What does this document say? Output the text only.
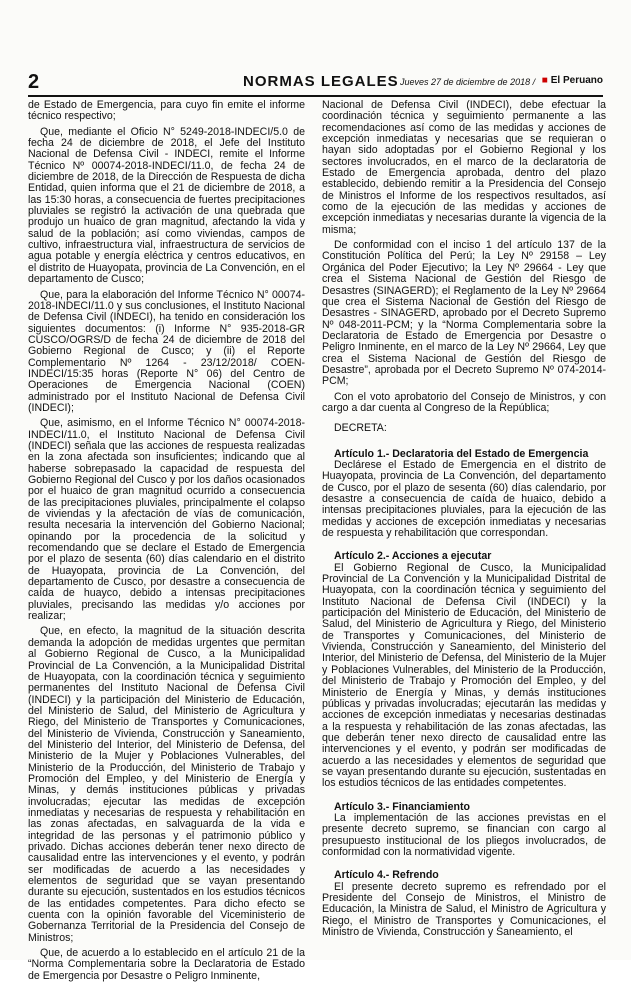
2	NORMAS LEGALES Jueves 27 de diciembre de 2018 / ■ El Peruano

de Estado de Emergencia, para cuyo fin emite el informe técnico respectivo;

Que, mediante el Oficio N° 5249-2018-INDECI/5.0 de fecha 24 de diciembre de 2018, el Jefe del Instituto Nacional de Defensa Civil - INDECI, remite el Informe Técnico Nº 00074-2018-INDECI/11.0, de fecha 24 de diciembre de 2018, de la Dirección de Respuesta de dicha Entidad, quien informa que el 21 de diciembre de 2018, a las 15:30 horas, a consecuencia de fuertes precipitaciones pluviales se registró la activación de una quebrada que produjo un huaico de gran magnitud, afectando la vida y salud de la población; así como viviendas, campos de cultivo, infraestructura vial, infraestructura de servicios de agua potable y energía eléctrica y centros educativos, en el distrito de Huayopata, provincia de La Convención, en el departamento de Cusco;

Que, para la elaboración del Informe Técnico N° 00074-2018-INDECI/11.0 y sus conclusiones, el Instituto Nacional de Defensa Civil (INDECI), ha tenido en consideración los siguientes documentos: (i) Informe N° 935-2018-GR CUSCO/OGRS/D de fecha 24 de diciembre de 2018 del Gobierno Regional de Cusco; y (ii) el Reporte Complementario Nº 1264 - 23/12/2018/ COEN-INDECI/15:35 horas (Reporte N° 06) del Centro de Operaciones de Emergencia Nacional (COEN) administrado por el Instituto Nacional de Defensa Civil (INDECI);

Que, asimismo, en el Informe Técnico N° 00074-2018-INDECI/11.0, el Instituto Nacional de Defensa Civil (INDECI) señala que las acciones de respuesta realizadas en la zona afectada son insuficientes; indicando que al haberse sobrepasado la capacidad de respuesta del Gobierno Regional del Cusco y por los daños ocasionados por el huaico de gran magnitud ocurrido a consecuencia de las precipitaciones pluviales, principalmente el colapso de viviendas y la afectación de vías de comunicación, resulta necesaria la intervención del Gobierno Nacional; opinando por la procedencia de la solicitud y recomendando que se declare el Estado de Emergencia por el plazo de sesenta (60) días calendario en el distrito de Huayopata, provincia de La Convención, del departamento de Cusco, por desastre a consecuencia de caída de huayco, debido a intensas precipitaciones pluviales, precisando las medidas y/o acciones por realizar;

Que, en efecto, la magnitud de la situación descrita demanda la adopción de medidas urgentes que permitan al Gobierno Regional de Cusco, a la Municipalidad Provincial de La Convención, a la Municipalidad Distrital de Huayopata, con la coordinación técnica y seguimiento permanentes del Instituto Nacional de Defensa Civil (INDECI) y la participación del Ministerio de Educación, del Ministerio de Salud, del Ministerio de Agricultura y Riego, del Ministerio de Transportes y Comunicaciones, del Ministerio de Vivienda, Construcción y Saneamiento, del Ministerio del Interior, del Ministerio de Defensa, del Ministerio de la Mujer y Poblaciones Vulnerables, del Ministerio de la Producción, del Ministerio de Trabajo y Promoción del Empleo, y del Ministerio de Energía y Minas, y demás instituciones públicas y privadas involucradas; ejecutar las medidas de excepción inmediatas y necesarias de respuesta y rehabilitación en las zonas afectadas, en salvaguarda de la vida e integridad de las personas y el patrimonio público y privado. Dichas acciones deberán tener nexo directo de causalidad entre las intervenciones y el evento, y podrán ser modificadas de acuerdo a las necesidades y elementos de seguridad que se vayan presentando durante su ejecución, sustentados en los estudios técnicos de las entidades competentes. Para dicho efecto se cuenta con la opinión favorable del Viceministerio de Gobernanza Territorial de la Presidencia del Consejo de Ministros;

Que, de acuerdo a lo establecido en el artículo 21 de la “Norma Complementaria sobre la Declaratoria de Estado de Emergencia por Desastre o Peligro Inminente,

Nacional de Defensa Civil (INDECI), debe efectuar la coordinación técnica y seguimiento permanente a las recomendaciones así como de las medidas y acciones de excepción inmediatas y necesarias que se requieran o hayan sido adoptadas por el Gobierno Regional y los sectores involucrados, en el marco de la declaratoria de Estado de Emergencia aprobada, dentro del plazo establecido, debiendo remitir a la Presidencia del Consejo de Ministros el Informe de los respectivos resultados, así como de la ejecución de las medidas y acciones de excepción inmediatas y necesarias durante la vigencia de la misma;

De conformidad con el inciso 1 del artículo 137 de la Constitución Política del Perú; la Ley Nº 29158 – Ley Orgánica del Poder Ejecutivo; la Ley Nº 29664 - Ley que crea el Sistema Nacional de Gestión del Riesgo de Desastres (SINAGERD); el Reglamento de la Ley Nº 29664 que crea el Sistema Nacional de Gestión del Riesgo de Desastres - SINAGERD, aprobado por el Decreto Supremo Nº 048-2011-PCM; y la “Norma Complementaria sobre la Declaratoria de Estado de Emergencia por Desastre o Peligro Inminente, en el marco de la Ley Nº 29664, Ley que crea el Sistema Nacional de Gestión del Riesgo de Desastre”, aprobada por el Decreto Supremo Nº 074-2014-PCM;

Con el voto aprobatorio del Consejo de Ministros, y con cargo a dar cuenta al Congreso de la República;

DECRETA:

Artículo 1.- Declaratoria del Estado de Emergencia

Declárese el Estado de Emergencia en el distrito de Huayopata, provincia de La Convención, del departamento de Cusco, por el plazo de sesenta (60) días calendario, por desastre a consecuencia de caída de huaico, debido a intensas precipitaciones pluviales, para la ejecución de las medidas y acciones de excepción inmediatas y necesarias de respuesta y rehabilitación que correspondan.

Artículo 2.- Acciones a ejecutar

El Gobierno Regional de Cusco, la Municipalidad Provincial de La Convención y la Municipalidad Distrital de Huayopata, con la coordinación técnica y seguimiento del Instituto Nacional de Defensa Civil (INDECI) y la participación del Ministerio de Educación, del Ministerio de Salud, del Ministerio de Agricultura y Riego, del Ministerio de Transportes y Comunicaciones, del Ministerio de Vivienda, Construcción y Saneamiento, del Ministerio del Interior, del Ministerio de Defensa, del Ministerio de la Mujer y Poblaciones Vulnerables, del Ministerio de la Producción, del Ministerio de Trabajo y Promoción del Empleo, y del Ministerio de Energía y Minas, y demás instituciones públicas y privadas involucradas; ejecutarán las medidas y acciones de excepción inmediatas y necesarias destinadas a la respuesta y rehabilitación de las zonas afectadas, las que deberán tener nexo directo de causalidad entre las intervenciones y el evento, y podrán ser modificadas de acuerdo a las necesidades y elementos de seguridad que se vayan presentando durante su ejecución, sustentadas en los estudios técnicos de las entidades competentes.

Artículo 3.- Financiamiento

La implementación de las acciones previstas en el presente decreto supremo, se financian con cargo al presupuesto institucional de los pliegos involucrados, de conformidad con la normatividad vigente.

Artículo 4.- Refrendo

El presente decreto supremo es refrendado por el Presidente del Consejo de Ministros, el Ministro de Educación, la Ministra de Salud, el Ministro de Agricultura y Riego, el Ministro de Transportes y Comunicaciones, el Ministro de Vivienda, Construcción y Saneamiento, el
